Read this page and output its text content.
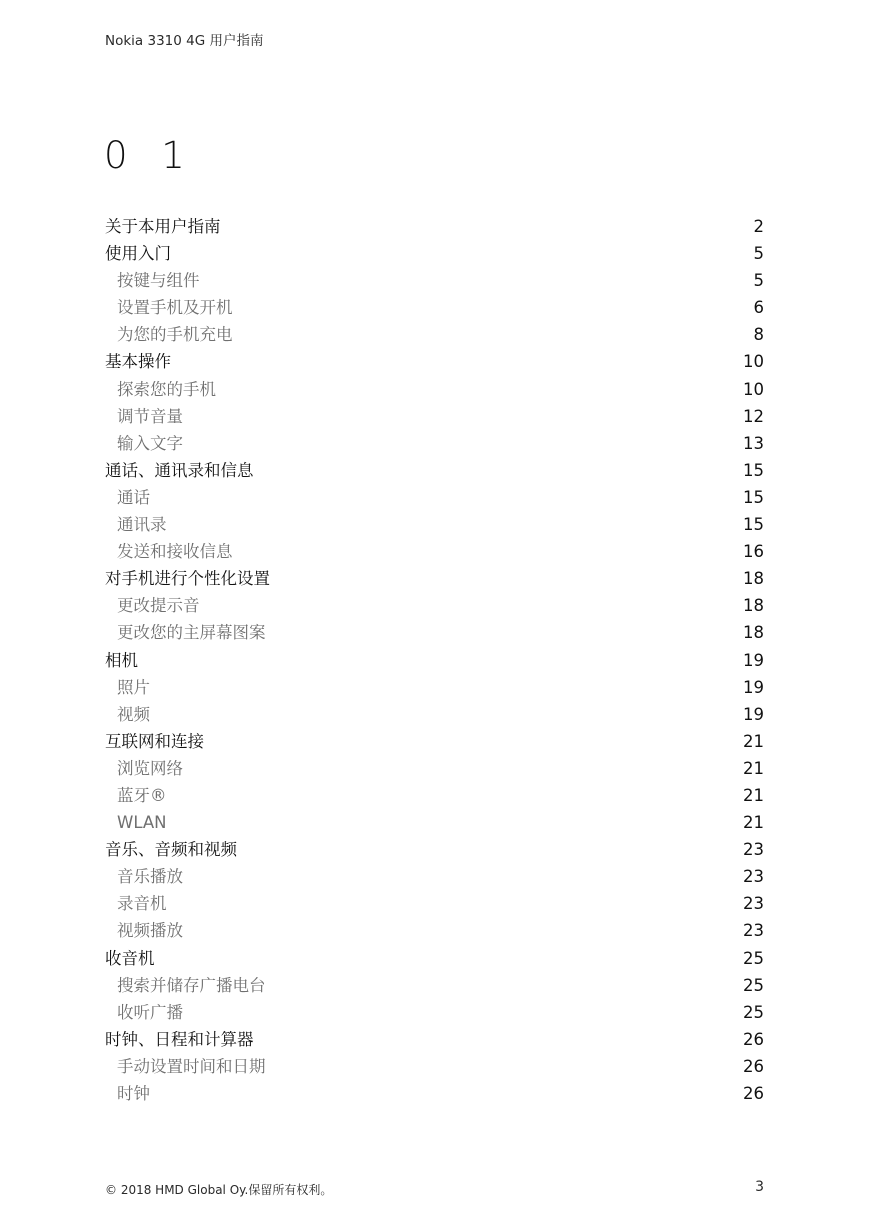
Nokia 3310 4G 用户指南
0 1
关于本用户指南	2
使用入门	5
按键与组件	5
设置手机及开机	6
为您的手机充电	8
基本操作	10
探索您的手机	10
调节音量	12
输入文字	13
通话、通讯录和信息	15
通话	15
通讯录	15
发送和接收信息	16
对手机进行个性化设置	18
更改提示音	18
更改您的主屏幕图案	18
相机	19
照片	19
视频	19
互联网和连接	21
浏览网络	21
蓝牙®	21
WLAN	21
音乐、音频和视频	23
音乐播放	23
录音机	23
视频播放	23
收音机	25
搜索并储存广播电台	25
收听广播	25
时钟、日程和计算器	26
手动设置时间和日期	26
时钟	26
© 2018 HMD Global Oy.保留所有权利。	3
